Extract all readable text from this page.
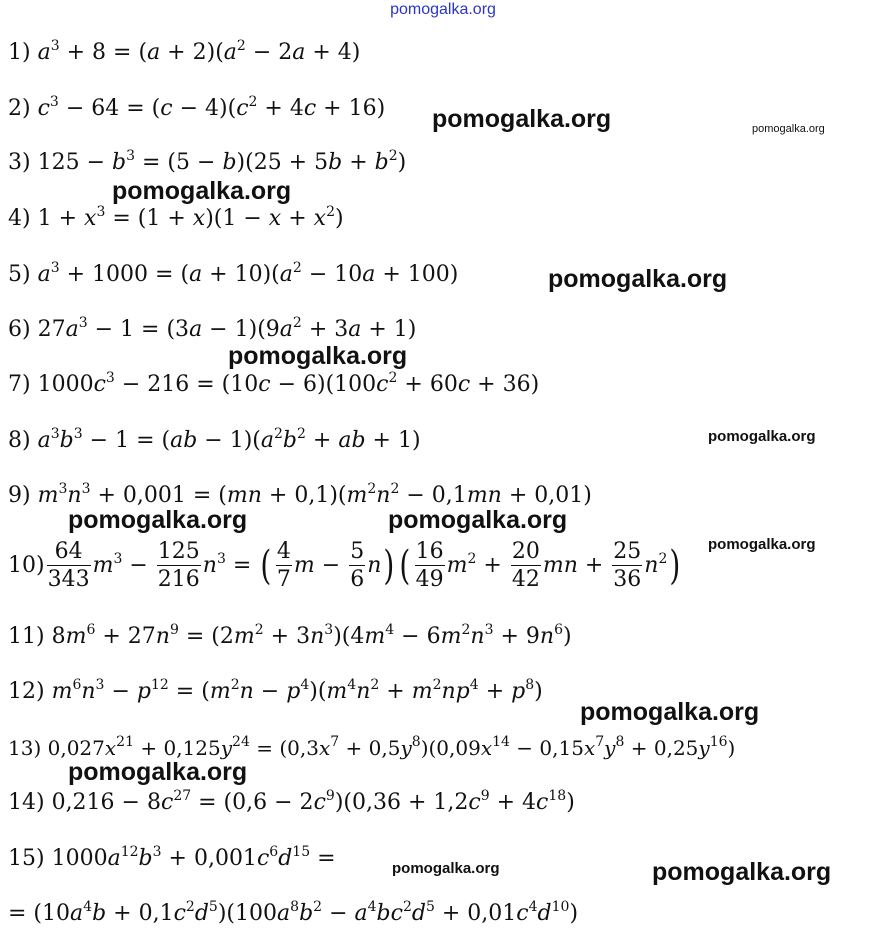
pomogalka.org
1) $a^3 + 8 = (a + 2)(a^2 - 2a + 4)$
2) $c^3 - 64 = (c - 4)(c^2 + 4c + 16)$
3) $125 - b^3 = (5 - b)(25 + 5b + b^2)$
4) $1 + x^3 = (1 + x)(1 - x + x^2)$
5) $a^3 + 1000 = (a + 10)(a^2 - 10a + 100)$
6) $27a^3 - 1 = (3a - 1)(9a^2 + 3a + 1)$
7) $1000c^3 - 216 = (10c - 6)(100c^2 + 60c + 36)$
8) $a^3b^3 - 1 = (ab - 1)(a^2b^2$ + ab + 1)
9) $m^3n^3 + 0,001 = (mn + 0,1)(m^2n^2 - 0,1mn + 0,01)$
$10) \frac{64}{343} m^3 - \frac{125}{216} n^3$ = ( $\frac{4}{7}$ $m - \frac{5}{6} n$) ( $\frac{16}{49} m^2 + \frac{20}{42}$ mn + $\frac{25}{36} n^2$)
11) $8m^6 + 27n^9 = (2m^2 + 3n^3)(4m^4 - 6m^2n^3 + 9n^6)$
12) $m^6n^3 - p^{12} = (m^2n - p^4)(m^4n^2 + m^2np^4 + p^8)$
13) $0,027x^{21} + 0,125y^{24} = (0,3x^7 + 0,5y^8)(0,09x^{14} - 0,15x^7y^8 + 0,25y^{16})$
14) $0,216 - 8c^{27} = (0,6 - 2c^9)(0,36 + 1,2c^9 + 4c^{18})$
15) $1000a^{12}b^3 + 0,001c^6d^{15}$ =
= $(10a^4b + 0,1c^2d^5)(100a^8b^2 - a^4bc^2d^5 + 0,01c^4d^{10})$
pomogalka.org	pomogalka.org
pomogalka.org
pomogalka.org
pomogalka.org
pomogalka.org
pomogalka.org	pomogalka.org
pomogalka.org
pomogalka.org
pomogalka.org
pomogalka.org	pomogalka.org
